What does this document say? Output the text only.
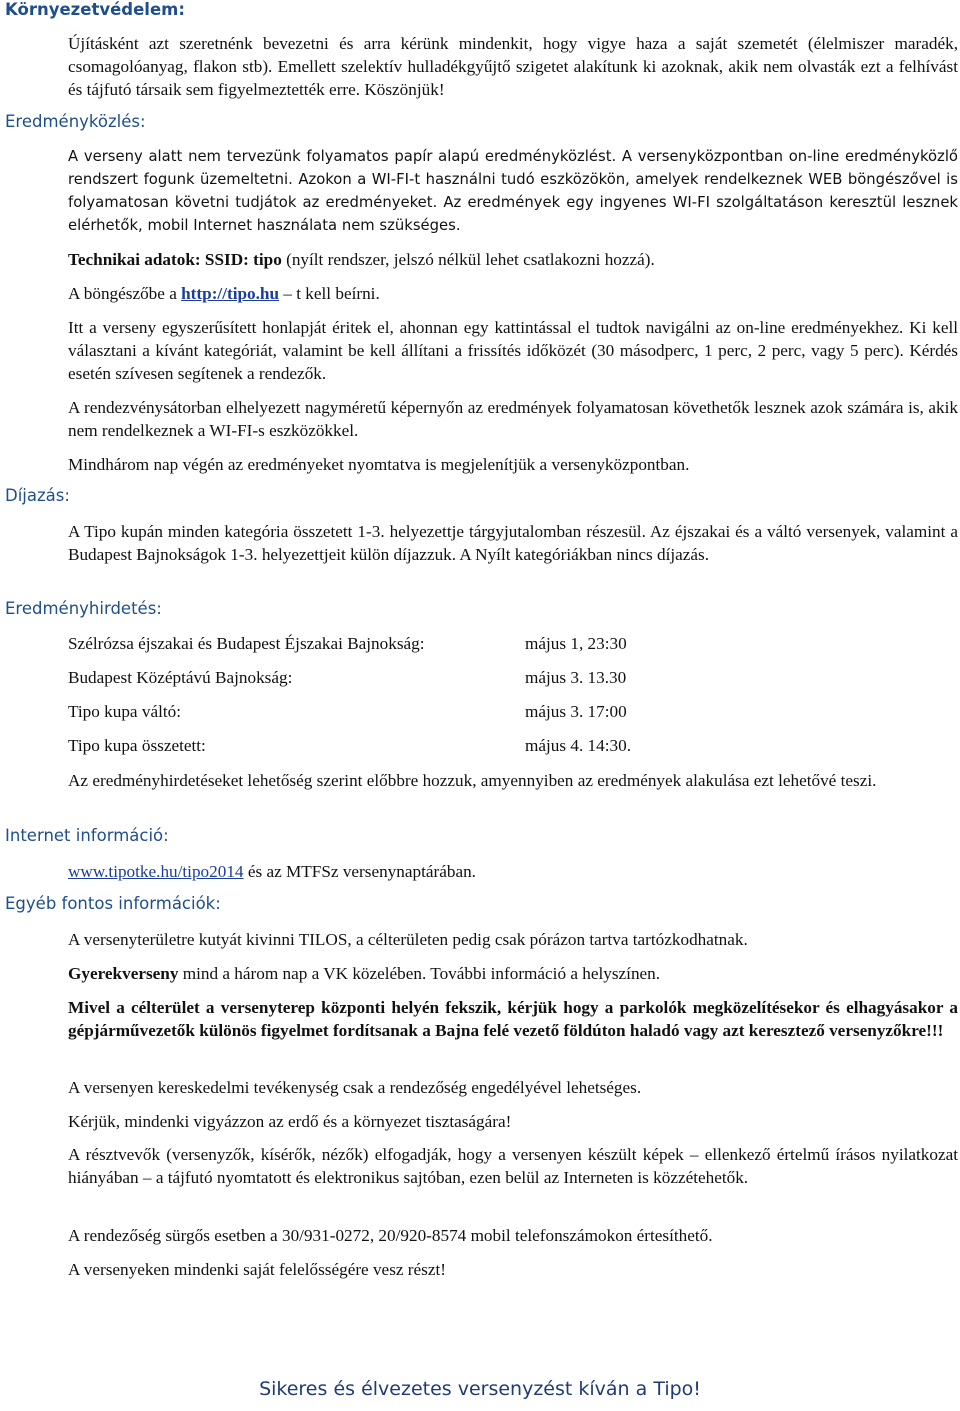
Környezetvédelem:
Újításként azt szeretnénk bevezetni és arra kérünk mindenkit, hogy vigye haza a saját szemetét (élelmiszer maradék, csomagolóanyag, flakon stb). Emellett szelektív hulladékgyűjtő szigetet alakítunk ki azoknak, akik nem olvasták ezt a felhívást és tájfutó társaik sem figyelmeztették erre. Köszönjük!
Eredményközlés:
A verseny alatt nem tervezünk folyamatos papír alapú eredményközlést. A versenyközpontban on-line eredményközlő rendszert fogunk üzemeltetni. Azokon a WI-FI-t használni tudó eszközökön, amelyek rendelkeznek WEB böngészővel is folyamatosan követni tudjátok az eredményeket. Az eredmények egy ingyenes WI-FI szolgáltatáson keresztül lesznek elérhetők, mobil Internet használata nem szükséges.
Technikai adatok: SSID: tipo (nyílt rendszer, jelszó nélkül lehet csatlakozni hozzá).
A böngészőbe a http://tipo.hu – t kell beírni.
Itt a verseny egyszerűsített honlapját éritek el, ahonnan egy kattintással el tudtok navigálni az on-line eredményekhez. Ki kell választani a kívánt kategóriát, valamint be kell állítani a frissítés időközét (30 másodperc, 1 perc, 2 perc, vagy 5 perc). Kérdés esetén szívesen segítenek a rendezők.
A rendezvénysátorban elhelyezett nagyméretű képernyőn az eredmények folyamatosan követhetők lesznek azok számára is, akik nem rendelkeznek a WI-FI-s eszközökkel.
Mindhárom nap végén az eredményeket nyomtatva is megjelenítjük a versenyközpontban.
Díjazás:
A Tipo kupán minden kategória összetett 1-3. helyezettje tárgyjutalomban részesül. Az éjszakai és a váltó versenyek, valamint a Budapest Bajnokságok 1-3. helyezettjeit külön díjazzuk. A Nyílt kategóriákban nincs díjazás.
Eredményhirdetés:
Szélrózsa éjszakai és Budapest Éjszakai Bajnokság:	május 1, 23:30
Budapest Középtávú Bajnokság:	május 3. 13.30
Tipo kupa váltó:	május 3. 17:00
Tipo kupa összetett:	május 4. 14:30.
Az eredményhirdetéseket lehetőség szerint előbbre hozzuk, amyennyiben az eredmények alakulása ezt lehetővé teszi.
Internet információ:
www.tipotke.hu/tipo2014 és az MTFSz versenynaptárában.
Egyéb fontos információk:
A versenyterületre kutyát kivinni TILOS, a célterületen pedig csak pórázon tartva tartózkodhatnak.
Gyerekverseny mind a három nap a VK közelében. További információ a helyszínen.
Mivel a célterület a versenyterep központi helyén fekszik, kérjük hogy a parkolók megközelítésekor és elhagyásakor a gépjárművezetők különös figyelmet fordítsanak a Bajna felé vezető földúton haladó vagy azt keresztező versenyzőkre!!!
A versenyen kereskedelmi tevékenység csak a rendezőség engedélyével lehetséges.
Kérjük, mindenki vigyázzon az erdő és a környezet tisztaságára!
A résztvevők (versenyzők, kísérők, nézők) elfogadják, hogy a versenyen készült képek – ellenkező értelmű írásos nyilatkozat hiányában – a tájfutó nyomtatott és elektronikus sajtóban, ezen belül az Interneten is közzétehetők.
A rendezőség sürgős esetben a 30/931-0272, 20/920-8574 mobil telefonszámokon értesíthető.
A versenyeken mindenki saját felelősségére vesz részt!
Sikeres és élvezetes versenyzést kíván a Tipo!
